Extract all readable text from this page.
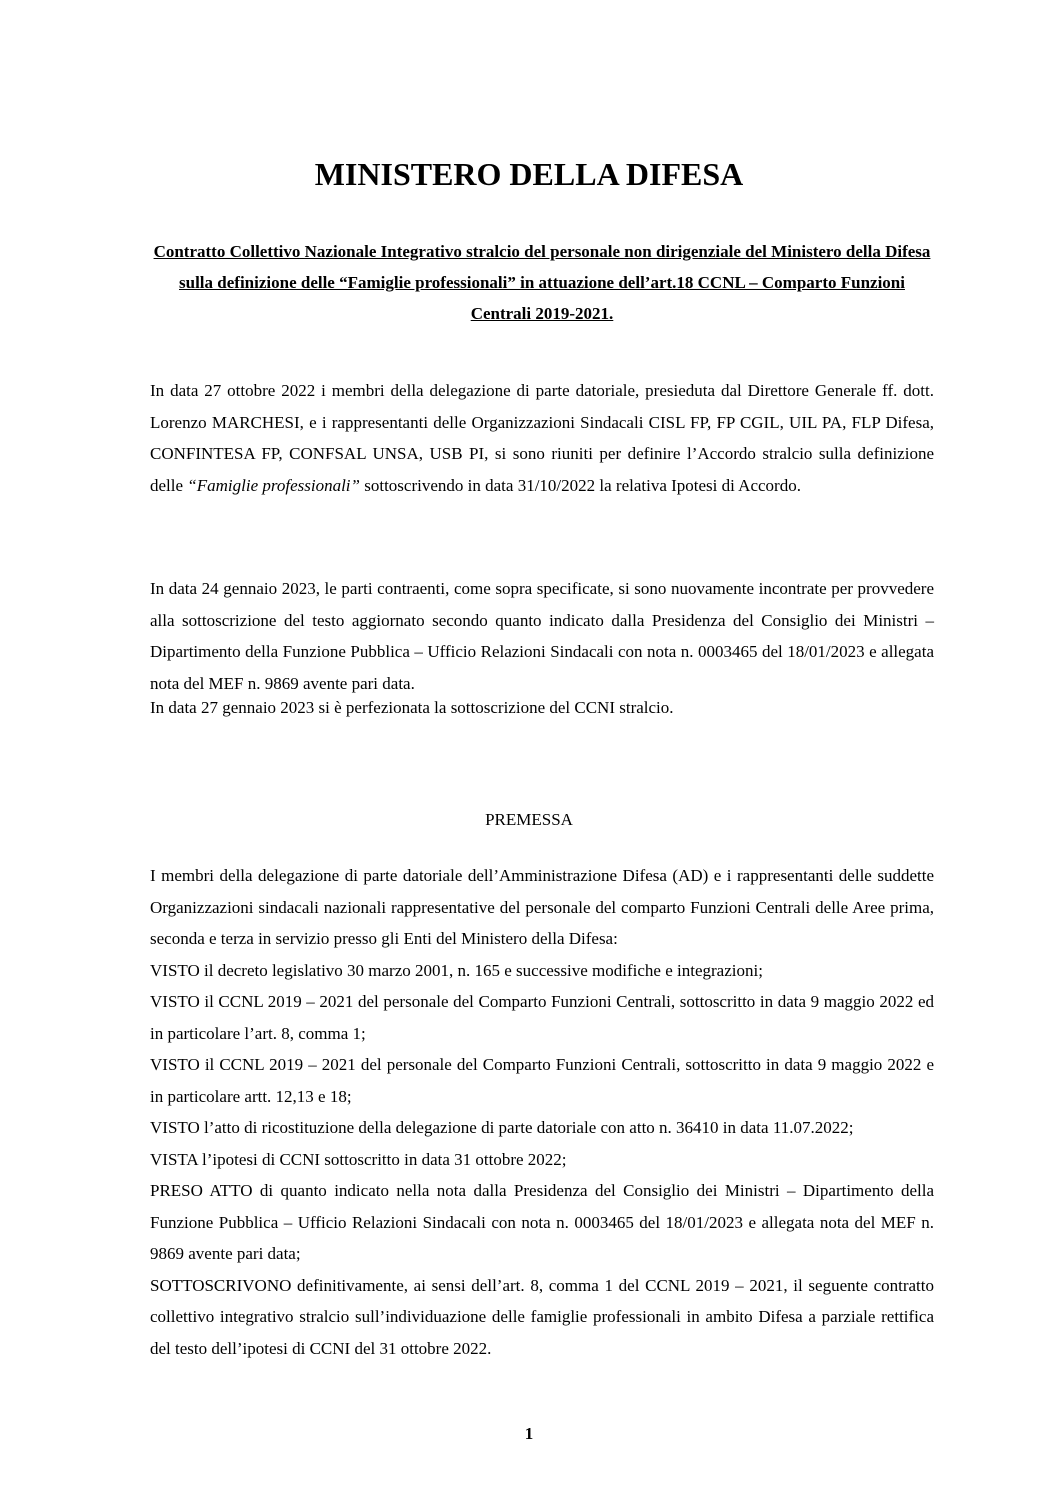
MINISTERO DELLA DIFESA

Contratto Collettivo Nazionale Integrativo stralcio del personale non dirigenziale del Ministero della Difesa sulla definizione delle “Famiglie professionali” in attuazione dell’art.18 CCNL – Comparto Funzioni Centrali 2019-2021.

In data 27 ottobre 2022 i membri della delegazione di parte datoriale, presieduta dal Direttore Generale ff. dott. Lorenzo MARCHESI, e i rappresentanti delle Organizzazioni Sindacali CISL FP, FP CGIL, UIL PA, FLP Difesa, CONFINTESA FP, CONFSAL UNSA, USB PI, si sono riuniti per definire l’Accordo stralcio sulla definizione delle “Famiglie professionali” sottoscrivendo in data 31/10/2022 la relativa Ipotesi di Accordo.

In data 24 gennaio 2023, le parti contraenti, come sopra specificate, si sono nuovamente incontrate per provvedere alla sottoscrizione del testo aggiornato secondo quanto indicato dalla Presidenza del Consiglio dei Ministri – Dipartimento della Funzione Pubblica – Ufficio Relazioni Sindacali con nota n. 0003465 del 18/01/2023 e allegata nota del MEF n. 9869 avente pari data.

In data 27 gennaio 2023 si è perfezionata la sottoscrizione del CCNI stralcio.

PREMESSA

I membri della delegazione di parte datoriale dell’Amministrazione Difesa (AD) e i rappresentanti delle suddette Organizzazioni sindacali nazionali rappresentative del personale del comparto Funzioni Centrali delle Aree prima, seconda e terza in servizio presso gli Enti del Ministero della Difesa:

VISTO il decreto legislativo 30 marzo 2001, n. 165 e successive modifiche e integrazioni;

VISTO il CCNL 2019 – 2021 del personale del Comparto Funzioni Centrali, sottoscritto in data 9 maggio 2022 ed in particolare l’art. 8, comma 1;

VISTO il CCNL 2019 – 2021 del personale del Comparto Funzioni Centrali, sottoscritto in data 9 maggio 2022 e in particolare artt. 12,13 e 18;

VISTO l’atto di ricostituzione della delegazione di parte datoriale con atto n. 36410 in data 11.07.2022;

VISTA l’ipotesi di CCNI sottoscritto in data 31 ottobre 2022;

PRESO ATTO di quanto indicato nella nota dalla Presidenza del Consiglio dei Ministri – Dipartimento della Funzione Pubblica – Ufficio Relazioni Sindacali con nota n. 0003465 del 18/01/2023 e allegata nota del MEF n. 9869 avente pari data;

SOTTOSCRIVONO definitivamente, ai sensi dell’art. 8, comma 1 del CCNL 2019 – 2021, il seguente contratto collettivo integrativo stralcio sull’individuazione delle famiglie professionali in ambito Difesa a parziale rettifica del testo dell’ipotesi di CCNI del 31 ottobre 2022.

1
